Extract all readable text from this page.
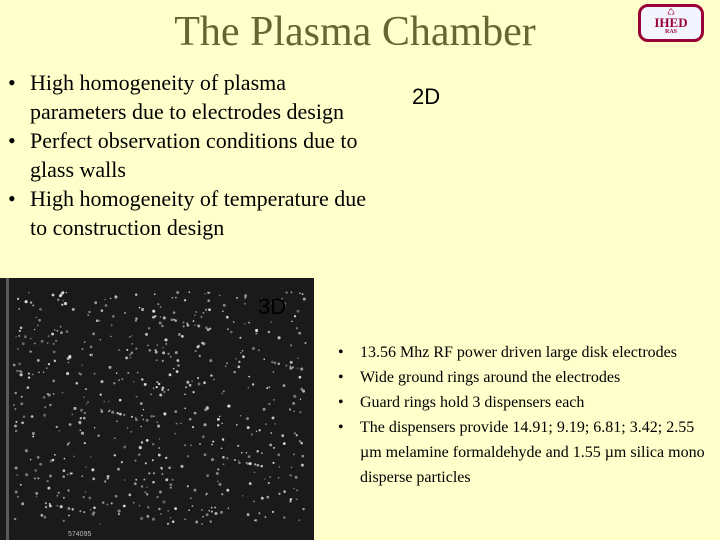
The Plasma Chamber	♺
IHED
RAS
• High homogeneity of plasma parameters due to electrodes design
• Perfect observation conditions due to glass walls
• High homogeneity of temperature due to construction design
2D
574095
3D
• 13.56 Mhz RF power driven large disk electrodes
• Wide ground rings around the electrodes
• Guard rings hold 3 dispensers each
• The dispensers provide 14.91; 9.19; 6.81; 3.42; 2.55 µm melamine formaldehyde and 1.55 µm silica mono disperse particles
